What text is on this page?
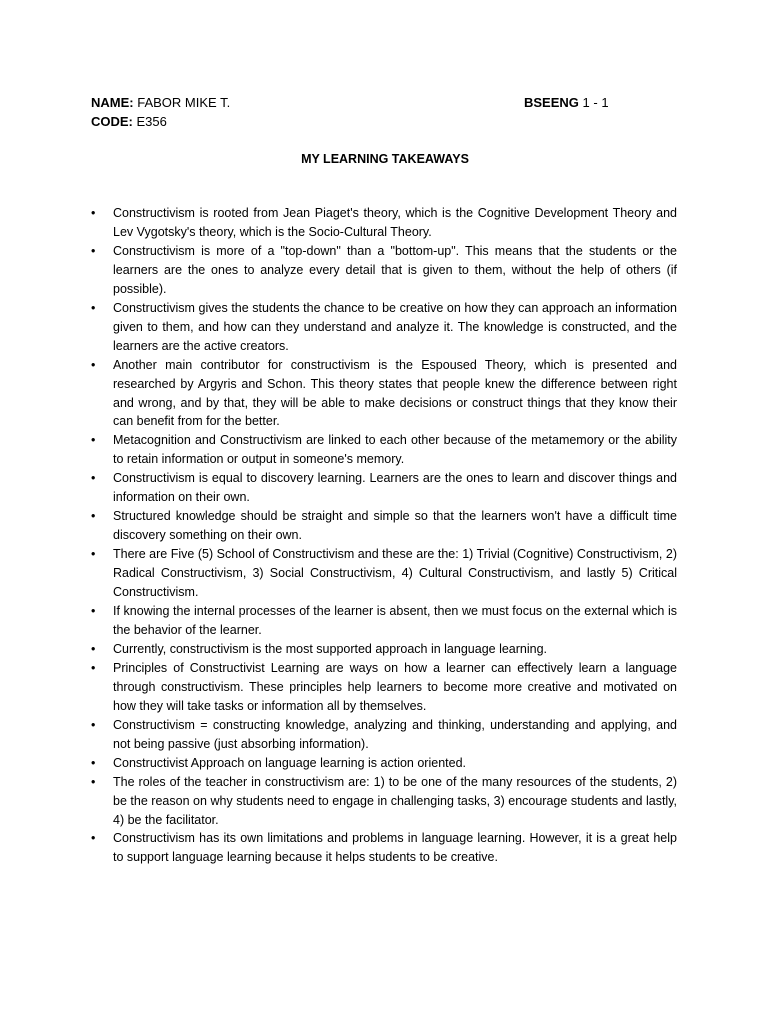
NAME: FABOR MIKE T.	BSEENG 1 - 1
CODE: E356
MY LEARNING TAKEAWAYS
•	Constructivism is rooted from Jean Piaget's theory, which is the Cognitive Development Theory and Lev Vygotsky's theory, which is the Socio-Cultural Theory.
•	Constructivism is more of a "top-down" than a "bottom-up". This means that the students or the learners are the ones to analyze every detail that is given to them, without the help of others (if possible).
•	Constructivism gives the students the chance to be creative on how they can approach an information given to them, and how can they understand and analyze it. The knowledge is constructed, and the learners are the active creators.
•	Another main contributor for constructivism is the Espoused Theory, which is presented and researched by Argyris and Schon. This theory states that people knew the difference between right and wrong, and by that, they will be able to make decisions or construct things that they know their can benefit from for the better.
•	Metacognition and Constructivism are linked to each other because of the metamemory or the ability to retain information or output in someone's memory.
•	Constructivism is equal to discovery learning. Learners are the ones to learn and discover things and information on their own.
•	Structured knowledge should be straight and simple so that the learners won't have a difficult time discovery something on their own.
•	There are Five (5) School of Constructivism and these are the: 1) Trivial (Cognitive) Constructivism, 2) Radical Constructivism, 3) Social Constructivism, 4) Cultural Constructivism, and lastly 5) Critical Constructivism.
•	If knowing the internal processes of the learner is absent, then we must focus on the external which is the behavior of the learner.
•	Currently, constructivism is the most supported approach in language learning.
•	Principles of Constructivist Learning are ways on how a learner can effectively learn a language through constructivism. These principles help learners to become more creative and motivated on how they will take tasks or information all by themselves.
•	Constructivism = constructing knowledge, analyzing and thinking, understanding and applying, and not being passive (just absorbing information).
•	Constructivist Approach on language learning is action oriented.
•	The roles of the teacher in constructivism are: 1) to be one of the many resources of the students, 2) be the reason on why students need to engage in challenging tasks, 3) encourage students and lastly, 4) be the facilitator.
•	Constructivism has its own limitations and problems in language learning. However, it is a great help to support language learning because it helps students to be creative.
